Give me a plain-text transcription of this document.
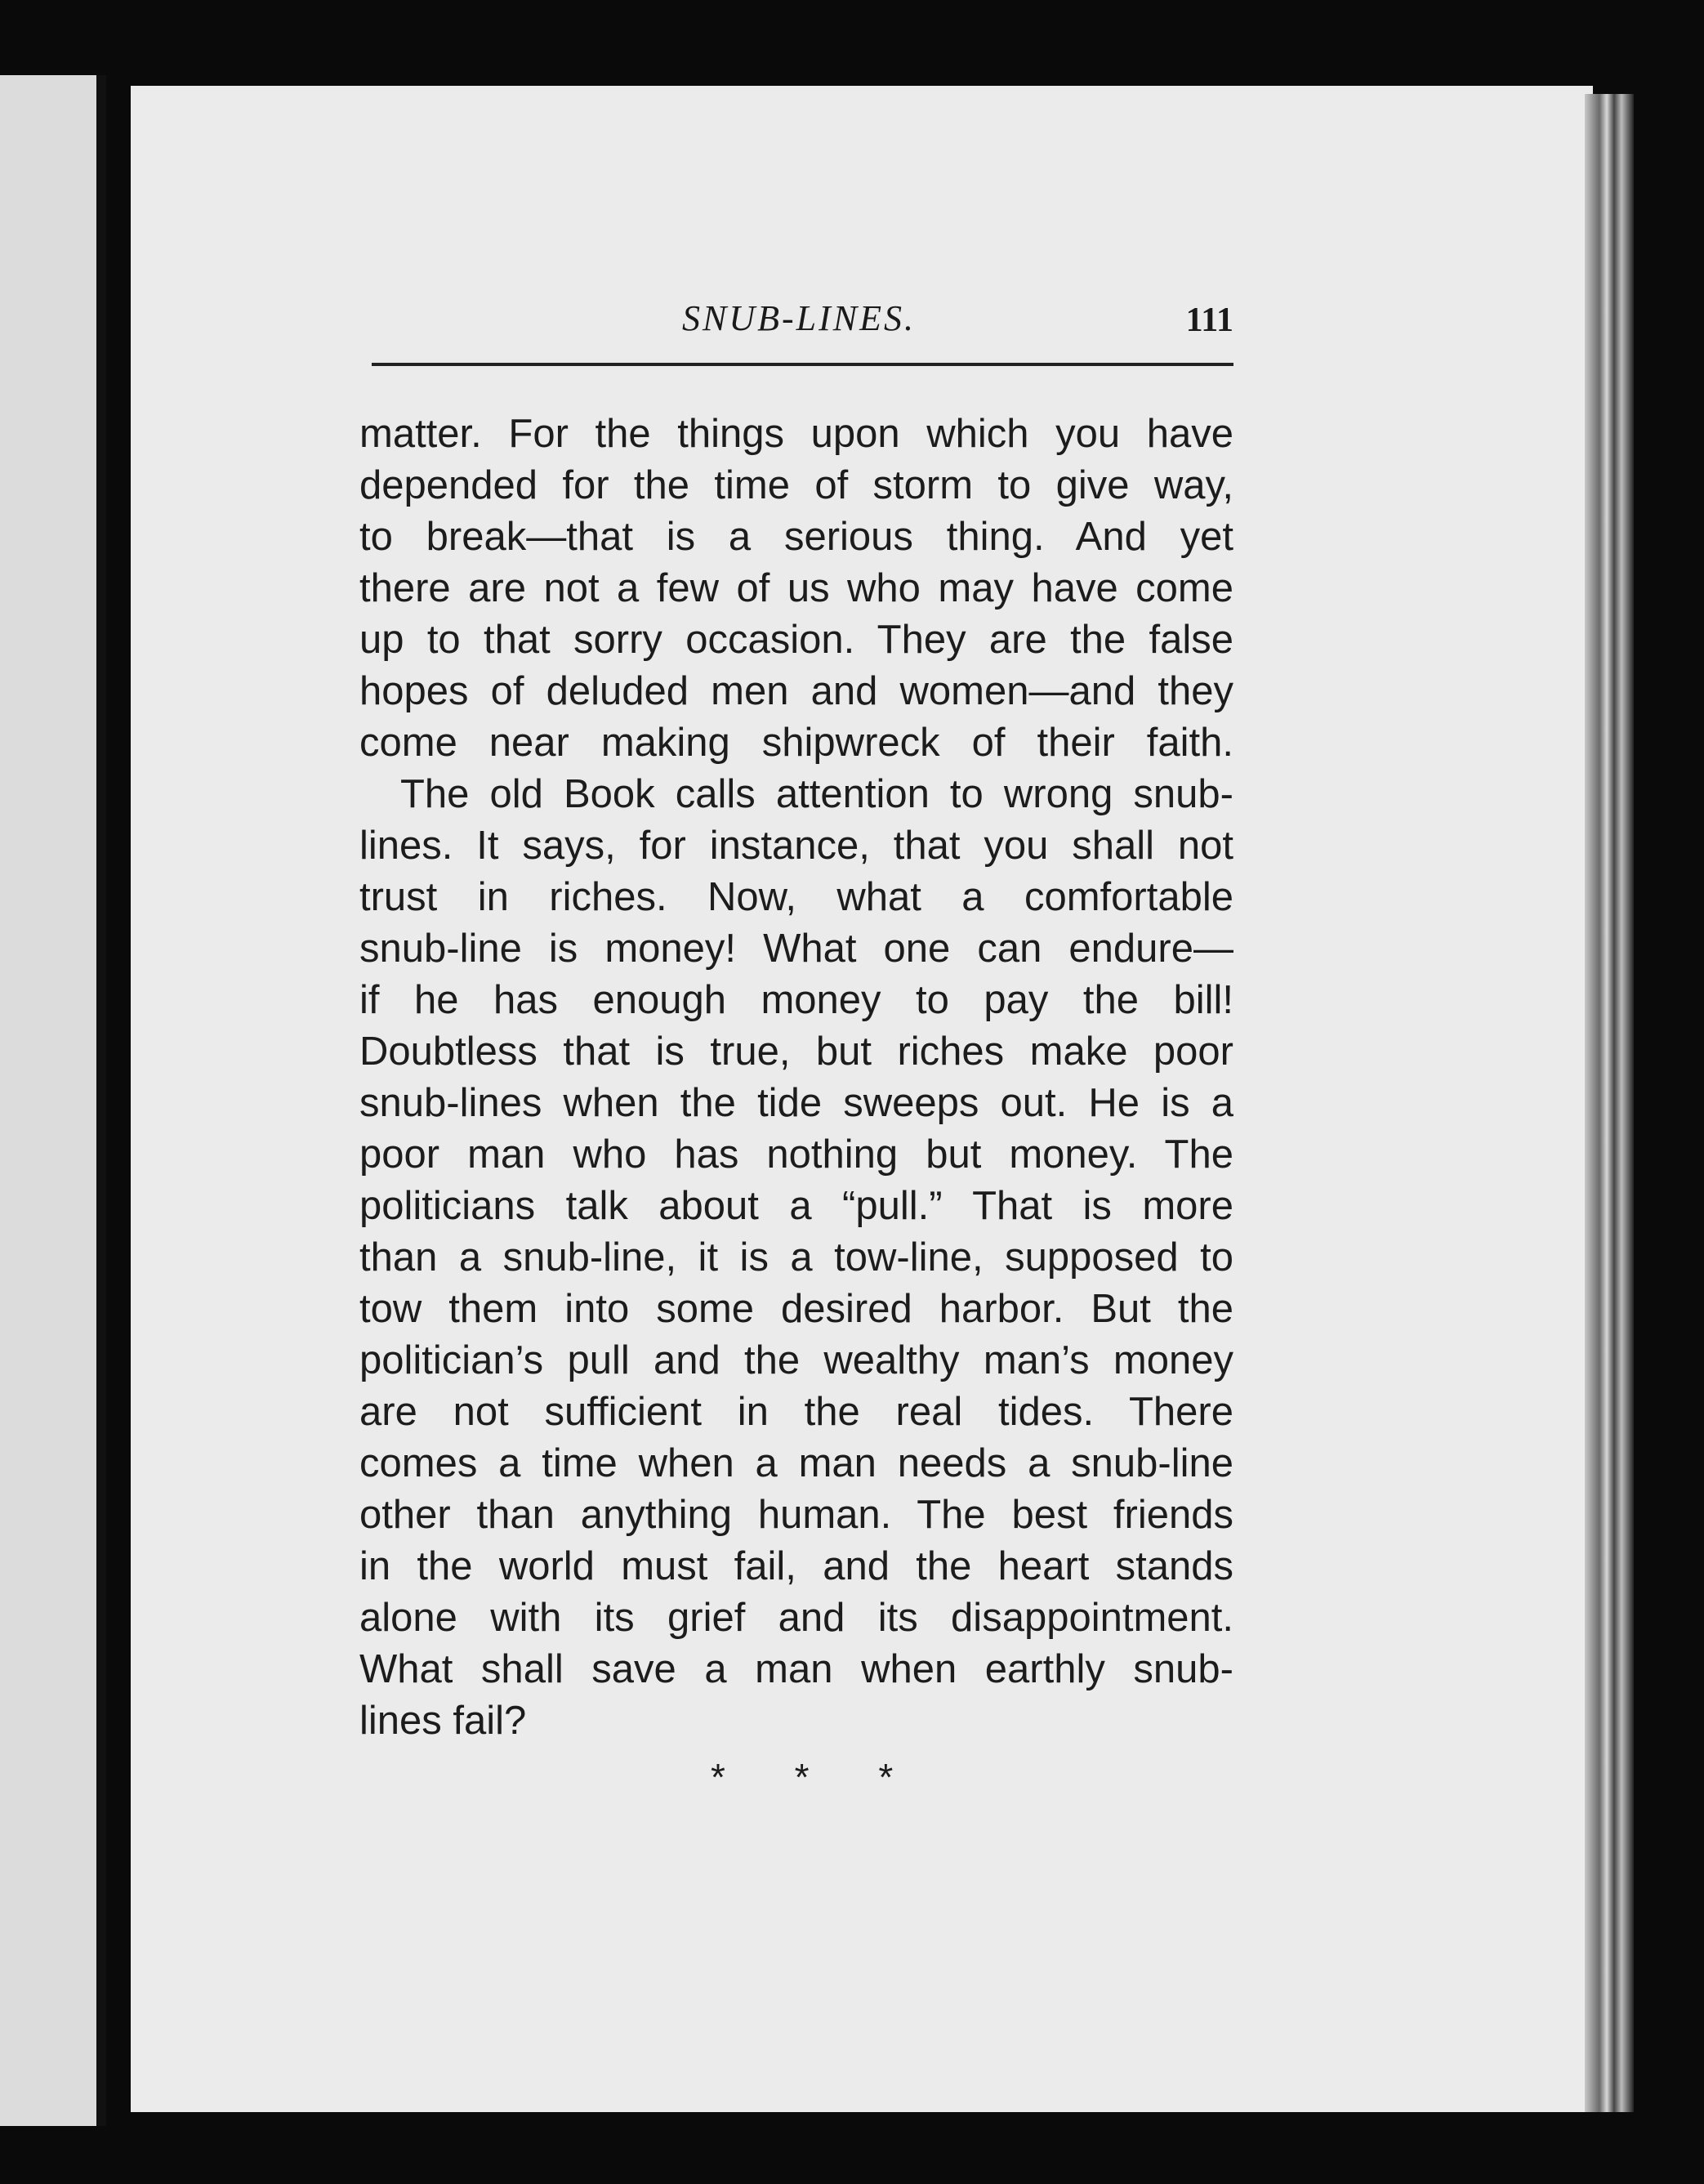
SNUB-LINES.	111
matter. For the things upon which you have
depended for the time of storm to give way,
to break—that is a serious thing. And yet
there are not a few of us who may have come
up to that sorry occasion. They are the false
hopes of deluded men and women—and they
come near making shipwreck of their faith.
The old Book calls attention to wrong snub-
lines. It says, for instance, that you shall not
trust in riches. Now, what a comfortable
snub-line is money! What one can endure—
if he has enough money to pay the bill!
Doubtless that is true, but riches make poor
snub-lines when the tide sweeps out. He is a
poor man who has nothing but money. The
politicians talk about a “pull.” That is more
than a snub-line, it is a tow-line, supposed to
tow them into some desired harbor. But the
politician’s pull and the wealthy man’s money
are not sufficient in the real tides. There
comes a time when a man needs a snub-line
other than anything human. The best friends
in the world must fail, and the heart stands
alone with its grief and its disappointment.
What shall save a man when earthly snub-
lines fail?
* * *
